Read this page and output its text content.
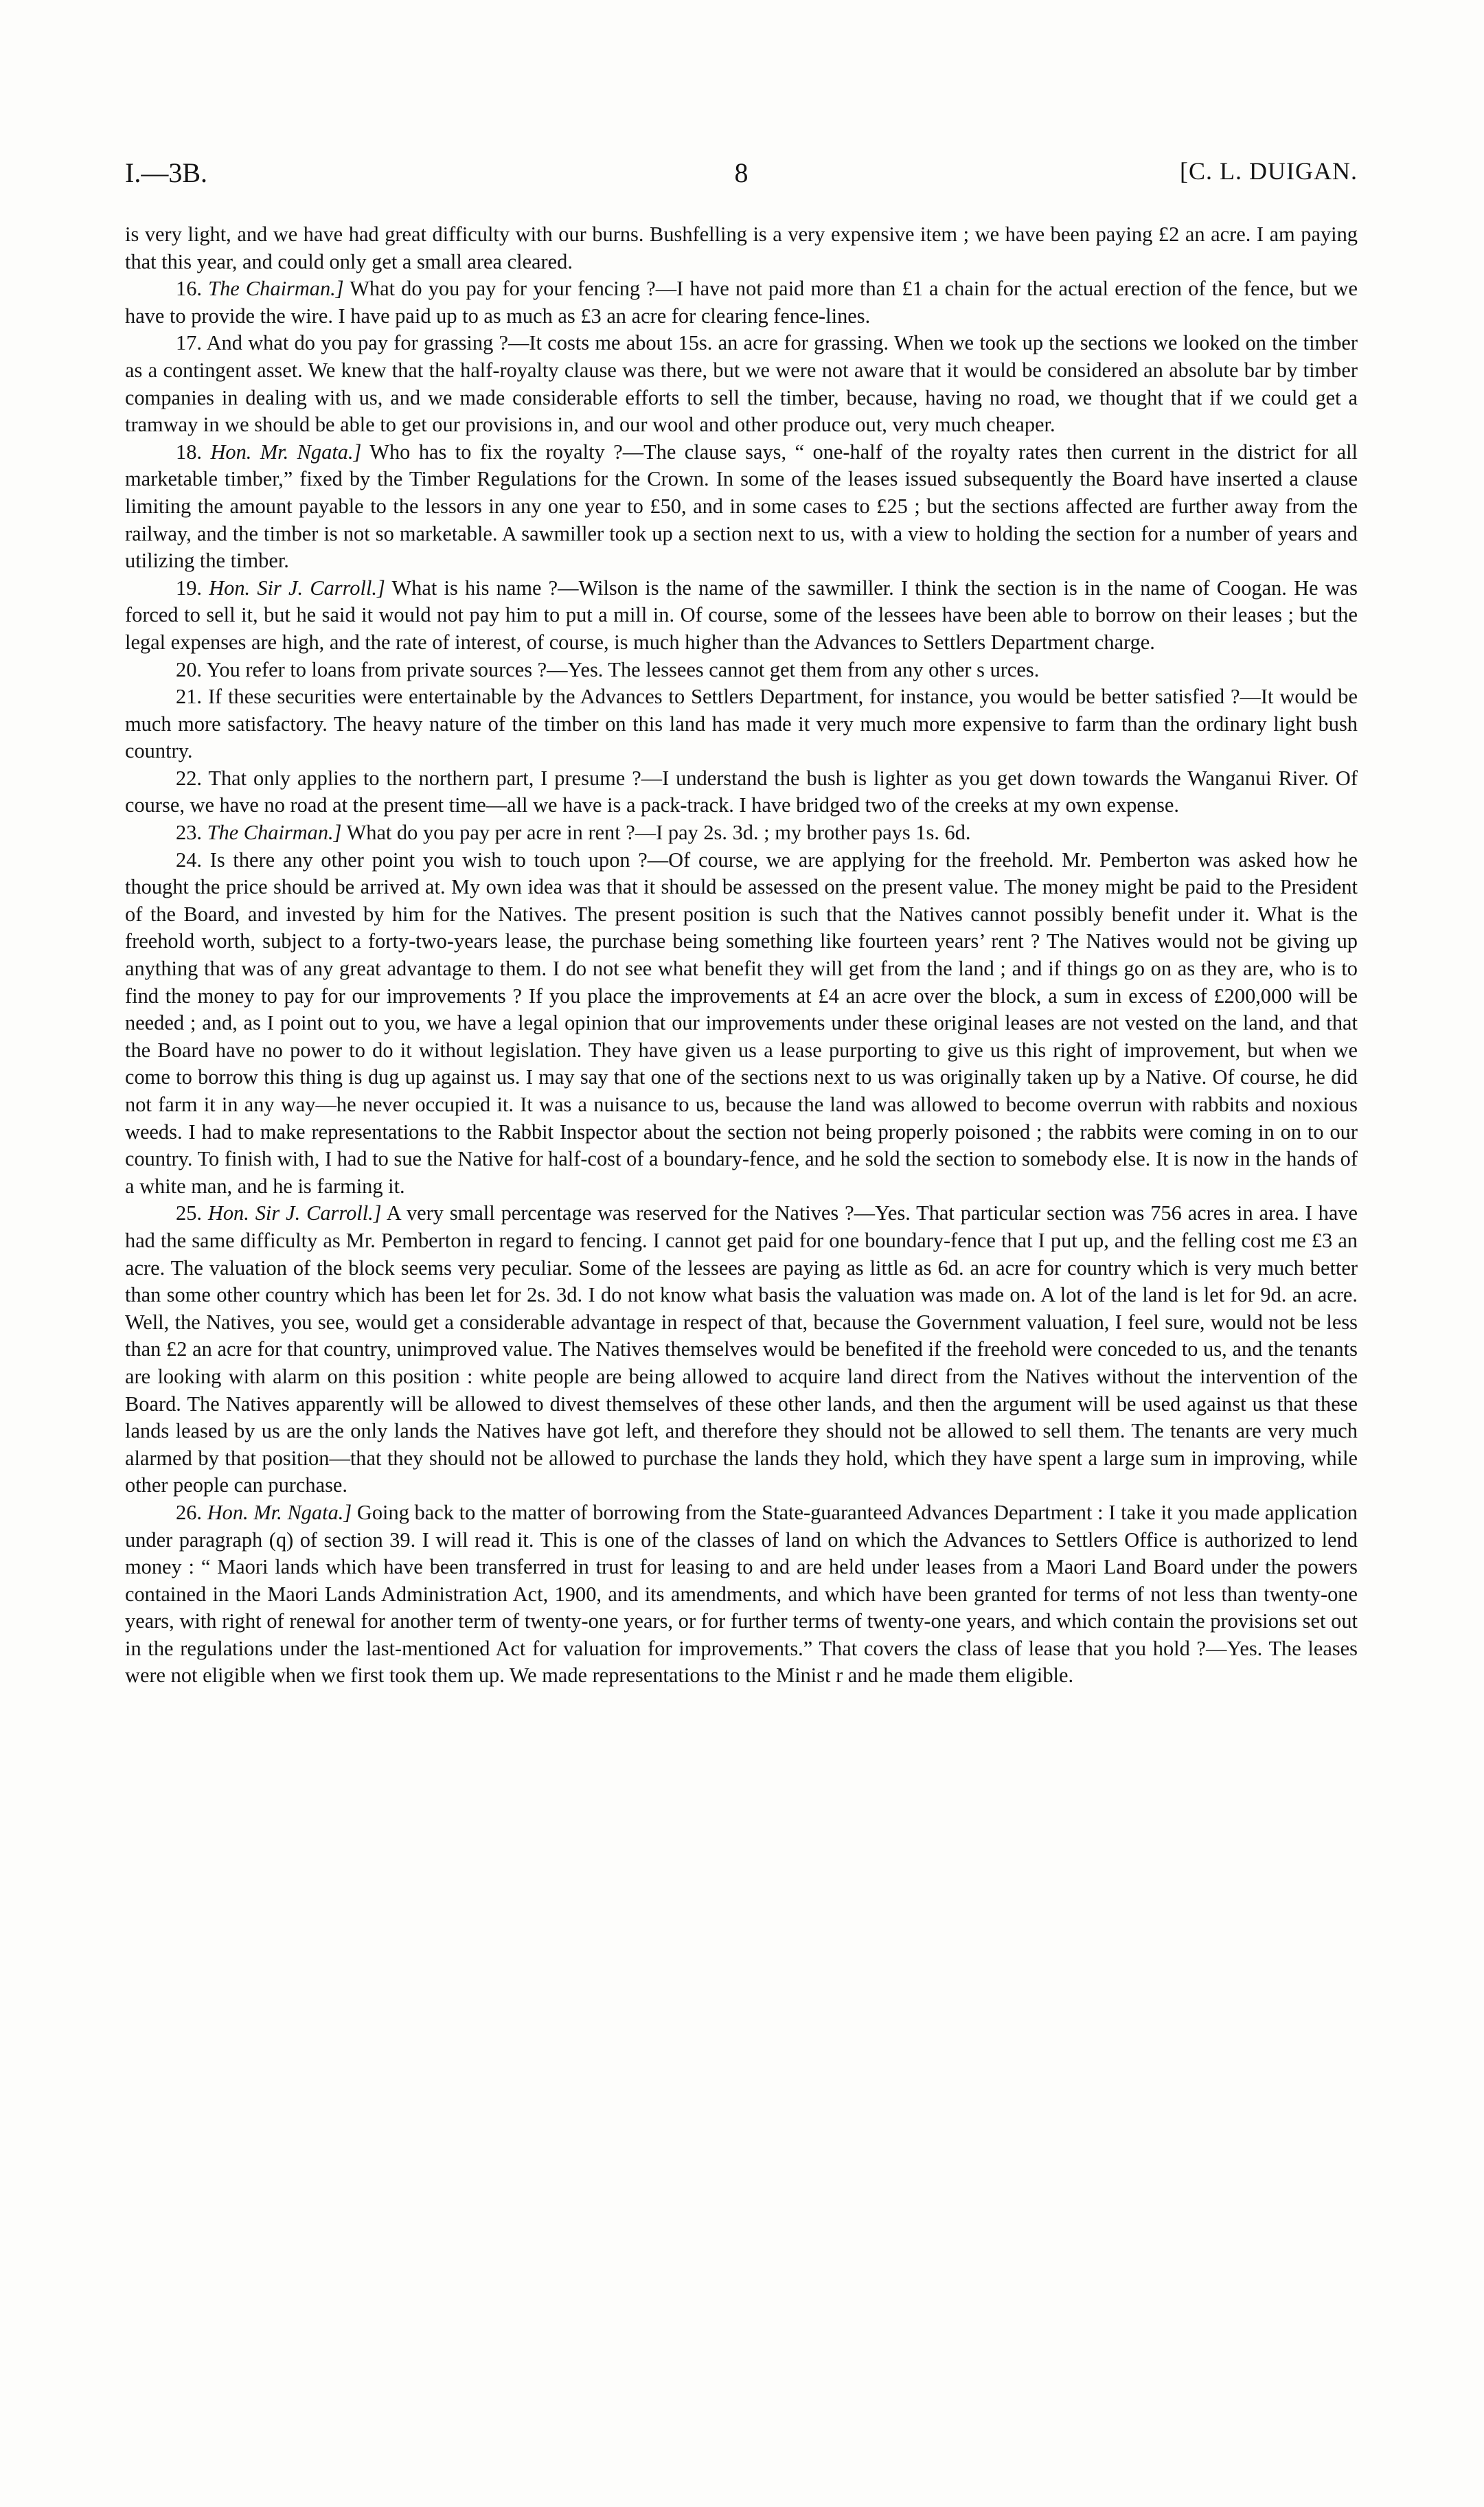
I.—3B.	8	[C. L. DUIGAN.

is very light, and we have had great difficulty with our burns. Bushfelling is a very expensive item ; we have been paying £2 an acre. I am paying that this year, and could only get a small area cleared.

16. The Chairman.] What do you pay for your fencing ?—I have not paid more than £1 a chain for the actual erection of the fence, but we have to provide the wire. I have paid up to as much as £3 an acre for clearing fence-lines.

17. And what do you pay for grassing ?—It costs me about 15s. an acre for grassing. When we took up the sections we looked on the timber as a contingent asset. We knew that the half-royalty clause was there, but we were not aware that it would be considered an absolute bar by timber companies in dealing with us, and we made considerable efforts to sell the timber, because, having no road, we thought that if we could get a tramway in we should be able to get our provisions in, and our wool and other produce out, very much cheaper.

18. Hon. Mr. Ngata.] Who has to fix the royalty ?—The clause says, “ one-half of the royalty rates then current in the district for all marketable timber,” fixed by the Timber Regulations for the Crown. In some of the leases issued subsequently the Board have inserted a clause limiting the amount payable to the lessors in any one year to £50, and in some cases to £25 ; but the sections affected are further away from the railway, and the timber is not so marketable. A sawmiller took up a section next to us, with a view to holding the section for a number of years and utilizing the timber.

19. Hon. Sir J. Carroll.] What is his name ?—Wilson is the name of the sawmiller. I think the section is in the name of Coogan. He was forced to sell it, but he said it would not pay him to put a mill in. Of course, some of the lessees have been able to borrow on their leases ; but the legal expenses are high, and the rate of interest, of course, is much higher than the Advances to Settlers Department charge.

20. You refer to loans from private sources ?—Yes. The lessees cannot get them from any other s urces.

21. If these securities were entertainable by the Advances to Settlers Department, for instance, you would be better satisfied ?—It would be much more satisfactory. The heavy nature of the timber on this land has made it very much more expensive to farm than the ordinary light bush country.

22. That only applies to the northern part, I presume ?—I understand the bush is lighter as you get down towards the Wanganui River. Of course, we have no road at the present time—all we have is a pack-track. I have bridged two of the creeks at my own expense.

23. The Chairman.] What do you pay per acre in rent ?—I pay 2s. 3d. ; my brother pays 1s. 6d.

24. Is there any other point you wish to touch upon ?—Of course, we are applying for the freehold. Mr. Pemberton was asked how he thought the price should be arrived at. My own idea was that it should be assessed on the present value. The money might be paid to the President of the Board, and invested by him for the Natives. The present position is such that the Natives cannot possibly benefit under it. What is the freehold worth, subject to a forty-two-years lease, the purchase being something like fourteen years’ rent ? The Natives would not be giving up anything that was of any great advantage to them. I do not see what benefit they will get from the land ; and if things go on as they are, who is to find the money to pay for our improvements ? If you place the improvements at £4 an acre over the block, a sum in excess of £200,000 will be needed ; and, as I point out to you, we have a legal opinion that our improvements under these original leases are not vested on the land, and that the Board have no power to do it without legislation. They have given us a lease purporting to give us this right of improvement, but when we come to borrow this thing is dug up against us. I may say that one of the sections next to us was originally taken up by a Native. Of course, he did not farm it in any way—he never occupied it. It was a nuisance to us, because the land was allowed to become overrun with rabbits and noxious weeds. I had to make representations to the Rabbit Inspector about the section not being properly poisoned ; the rabbits were coming in on to our country. To finish with, I had to sue the Native for half-cost of a boundary-fence, and he sold the section to somebody else. It is now in the hands of a white man, and he is farming it.

25. Hon. Sir J. Carroll.] A very small percentage was reserved for the Natives ?—Yes. That particular section was 756 acres in area. I have had the same difficulty as Mr. Pemberton in regard to fencing. I cannot get paid for one boundary-fence that I put up, and the felling cost me £3 an acre. The valuation of the block seems very peculiar. Some of the lessees are paying as little as 6d. an acre for country which is very much better than some other country which has been let for 2s. 3d. I do not know what basis the valuation was made on. A lot of the land is let for 9d. an acre. Well, the Natives, you see, would get a considerable advantage in respect of that, because the Government valuation, I feel sure, would not be less than £2 an acre for that country, unimproved value. The Natives themselves would be benefited if the freehold were conceded to us, and the tenants are looking with alarm on this position : white people are being allowed to acquire land direct from the Natives without the intervention of the Board. The Natives apparently will be allowed to divest themselves of these other lands, and then the argument will be used against us that these lands leased by us are the only lands the Natives have got left, and therefore they should not be allowed to sell them. The tenants are very much alarmed by that position—that they should not be allowed to purchase the lands they hold, which they have spent a large sum in improving, while other people can purchase.

26. Hon. Mr. Ngata.] Going back to the matter of borrowing from the State-guaranteed Advances Department : I take it you made application under paragraph (q) of section 39. I will read it. This is one of the classes of land on which the Advances to Settlers Office is authorized to lend money : “ Maori lands which have been transferred in trust for leasing to and are held under leases from a Maori Land Board under the powers contained in the Maori Lands Administration Act, 1900, and its amendments, and which have been granted for terms of not less than twenty-one years, with right of renewal for another term of twenty-one years, or for further terms of twenty-one years, and which contain the provisions set out in the regulations under the last-mentioned Act for valuation for improvements.” That covers the class of lease that you hold ?—Yes. The leases were not eligible when we first took them up. We made representations to the Minist r and he made them eligible.
